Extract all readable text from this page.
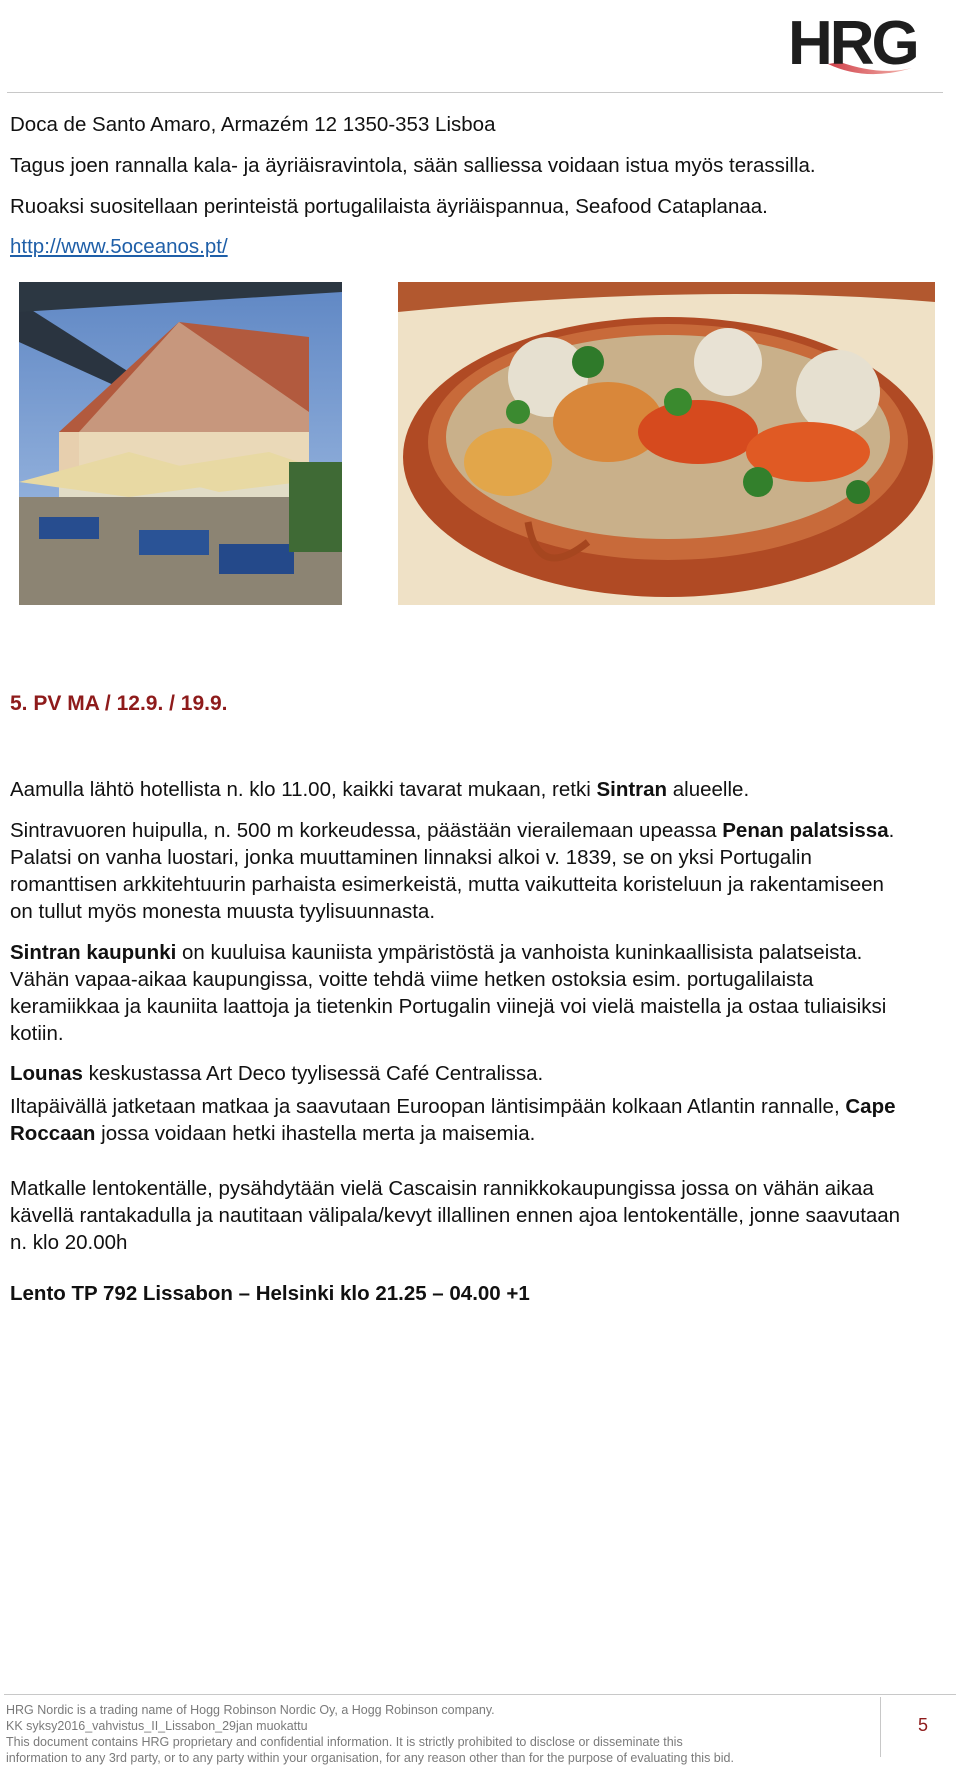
HRG

Doca de Santo Amaro, Armazém 12 1350-353 Lisboa

Tagus joen rannalla kala- ja äyriäisravintola, sään salliessa voidaan istua myös terassilla.

Ruoaksi suositellaan perinteistä portugalilaista äyriäispannua, Seafood Cataplanaa.

http://www.5oceanos.pt/

5. PV MA / 12.9. / 19.9.

Aamulla lähtö hotellista n. klo 11.00, kaikki tavarat mukaan, retki Sintran alueelle.

Sintravuoren huipulla, n. 500 m korkeudessa, päästään vierailemaan upeassa Penan palatsissa. Palatsi on vanha luostari, jonka muuttaminen linnaksi alkoi v. 1839, se on yksi Portugalin romanttisen arkkitehtuurin parhaista esimerkeistä, mutta vaikutteita koristeluun ja rakentamiseen on tullut myös monesta muusta tyylisuunnasta.

Sintran kaupunki on kuuluisa kauniista ympäristöstä ja vanhoista kuninkaallisista palatseista. Vähän vapaa-aikaa kaupungissa, voitte tehdä viime hetken ostoksia esim. portugalilaista keramiikkaa ja kauniita laattoja ja tietenkin Portugalin viinejä voi vielä maistella ja ostaa tuliaisiksi kotiin.

Lounas keskustassa Art Deco tyylisessä Café Centralissa.

Iltapäivällä jatketaan matkaa ja saavutaan Euroopan läntisimpään kolkaan Atlantin rannalle, Cape Roccaan jossa voidaan hetki ihastella merta ja maisemia.

Matkalle lentokentälle, pysähdytään vielä Cascaisin rannikkokaupungissa jossa on vähän aikaa kävellä rantakadulla ja nautitaan välipala/kevyt illallinen ennen ajoa lentokentälle, jonne saavutaan n. klo 20.00h

Lento TP 792 Lissabon – Helsinki klo 21.25 – 04.00 +1

HRG Nordic is a trading name of Hogg Robinson Nordic Oy, a Hogg Robinson company.

KK syksy2016_vahvistus_II_Lissabon_29jan muokattu

This document contains HRG proprietary and confidential information. It is strictly prohibited to disclose or disseminate this

information to any 3rd party, or to any party within your organisation, for any reason other than for the purpose of evaluating this bid.

5
